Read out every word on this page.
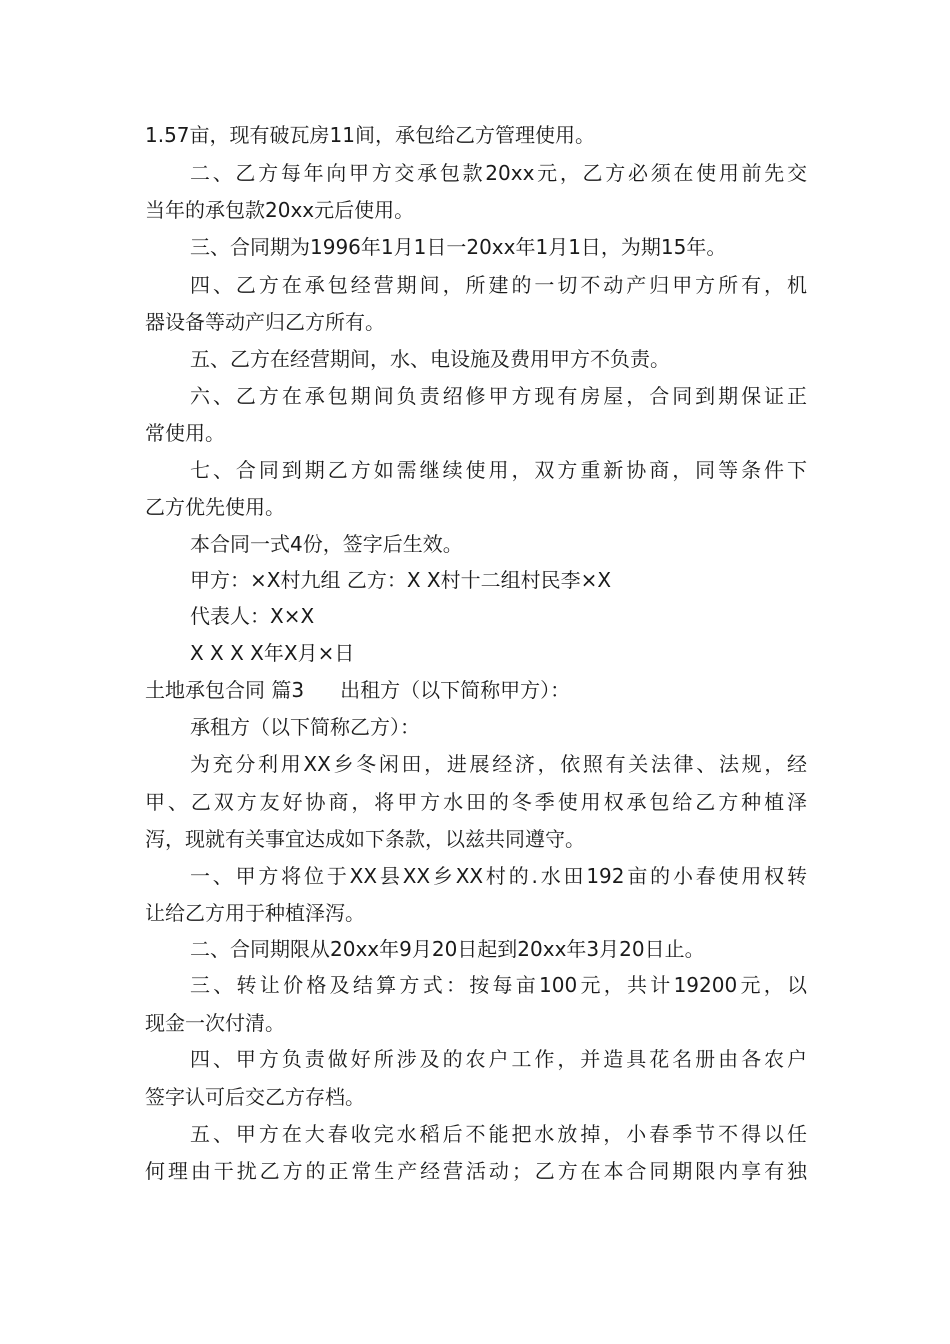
1.57亩，现有破瓦房11间，承包给乙方管理使用。
二、乙方每年向甲方交承包款20xx元，乙方必须在使用前先交
当年的承包款20xx元后使用。
三、合同期为1996年1月1日一20xx年1月1日，为期15年。
四、乙方在承包经营期间，所建的一切不动产归甲方所有，机
器设备等动产归乙方所有。
五、乙方在经营期间，水、电设施及费用甲方不负责。
六、乙方在承包期间负责绍修甲方现有房屋，合同到期保证正
常使用。
七、合同到期乙方如需继续使用，双方重新协商，同等条件下
乙方优先使用。
本合同一式4份，签字后生效。
甲方：×X村九组 乙方：X X村十二组村民李×X
代表人：X×X
X X X X年X月×日
土地承包合同 篇3 出租方（以下简称甲方）：
承租方（以下简称乙方）：
为充分利用XX乡冬闲田，进展经济，依照有关法律、法规，经
甲、乙双方友好协商，将甲方水田的冬季使用权承包给乙方种植泽
泻，现就有关事宜达成如下条款，以兹共同遵守。
一、甲方将位于XX县XX乡XX村的.水田192亩的小春使用权转
让给乙方用于种植泽泻。
二、合同期限从20xx年9月20日起到20xx年3月20日止。
三、转让价格及结算方式：按每亩100元，共计19200元，以
现金一次付清。
四、甲方负责做好所涉及的农户工作，并造具花名册由各农户
签字认可后交乙方存档。
五、甲方在大春收完水稻后不能把水放掉，小春季节不得以任
何理由干扰乙方的正常生产经营活动；乙方在本合同期限内享有独
